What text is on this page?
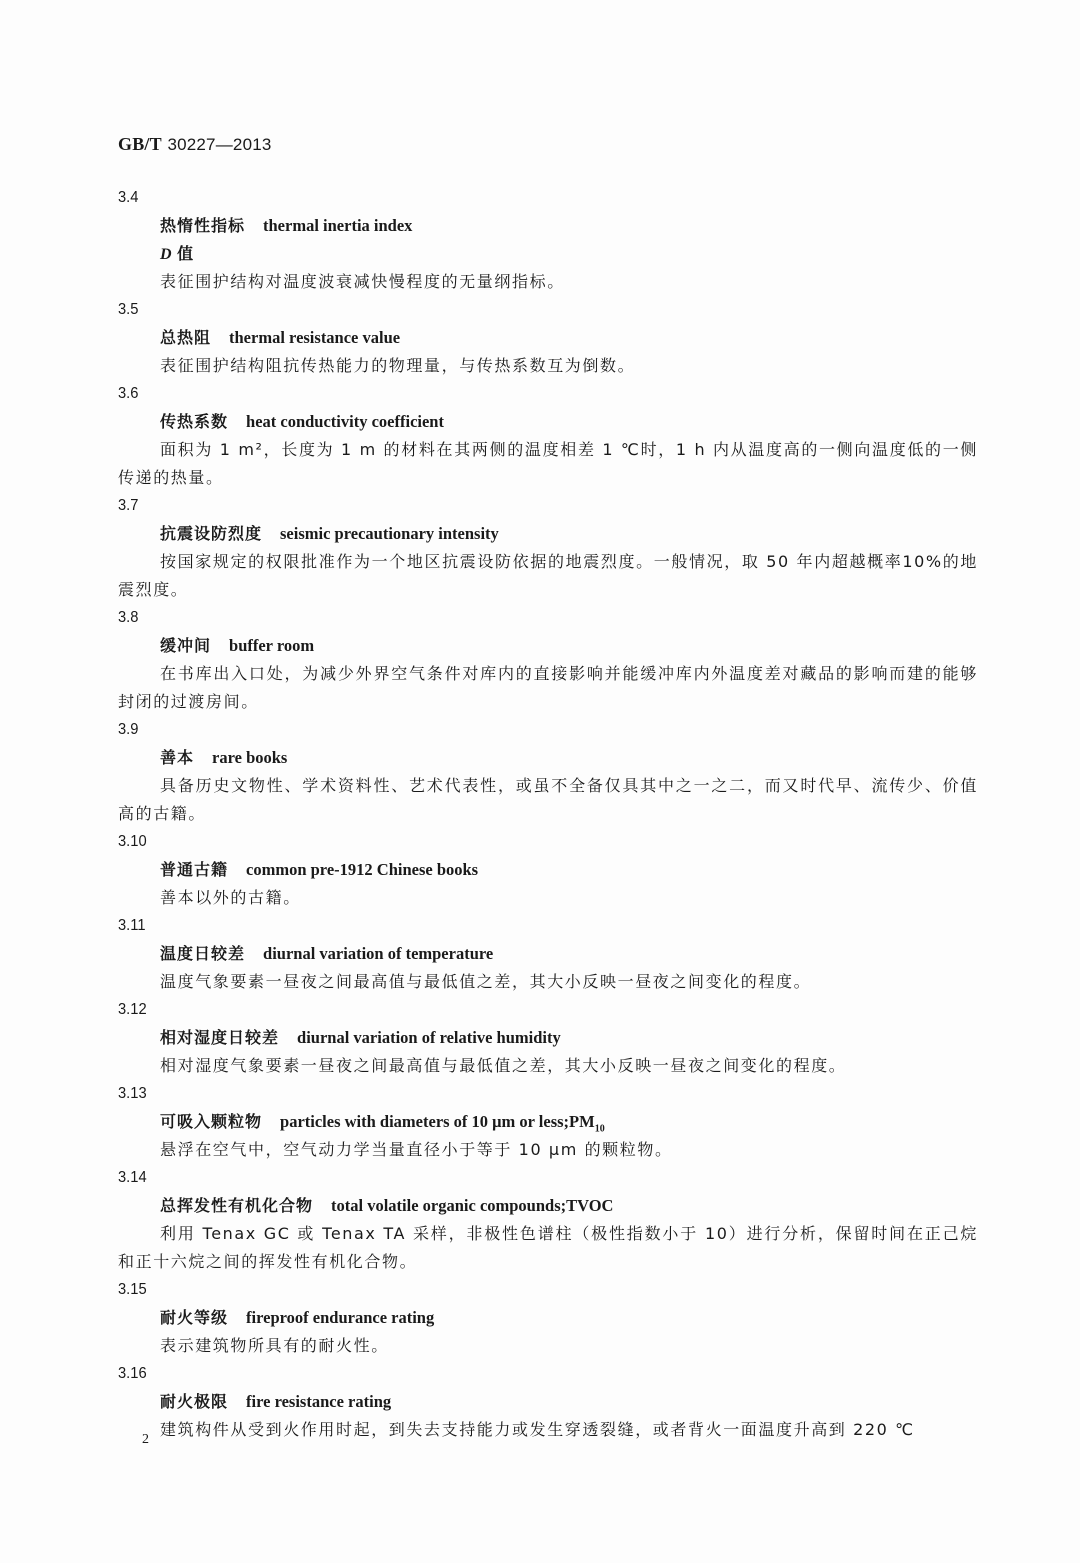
GB/T 30227—2013
3.4
热惰性指标 thermal inertia index
D 值
表征围护结构对温度波衰减快慢程度的无量纲指标。
3.5
总热阻 thermal resistance value
表征围护结构阻抗传热能力的物理量，与传热系数互为倒数。
3.6
传热系数 heat conductivity coefficient
面积为 1 m²，长度为 1 m 的材料在其两侧的温度相差 1 ℃时，1 h 内从温度高的一侧向温度低的一侧传递的热量。
3.7
抗震设防烈度 seismic precautionary intensity
按国家规定的权限批准作为一个地区抗震设防依据的地震烈度。一般情况，取 50 年内超越概率10%的地震烈度。
3.8
缓冲间 buffer room
在书库出入口处，为减少外界空气条件对库内的直接影响并能缓冲库内外温度差对藏品的影响而建的能够封闭的过渡房间。
3.9
善本 rare books
具备历史文物性、学术资料性、艺术代表性，或虽不全备仅具其中之一之二，而又时代早、流传少、价值高的古籍。
3.10
普通古籍 common pre-1912 Chinese books
善本以外的古籍。
3.11
温度日较差 diurnal variation of temperature
温度气象要素一昼夜之间最高值与最低值之差，其大小反映一昼夜之间变化的程度。
3.12
相对湿度日较差 diurnal variation of relative humidity
相对湿度气象要素一昼夜之间最高值与最低值之差，其大小反映一昼夜之间变化的程度。
3.13
可吸入颗粒物 particles with diameters of 10 μm or $less;PM_{10}$
悬浮在空气中，空气动力学当量直径小于等于 10 μm 的颗粒物。
3.14
总挥发性有机化合物 total volatile organic compounds;TVOC
利用 Tenax GC 或 Tenax TA 采样，非极性色谱柱（极性指数小于 10）进行分析，保留时间在正己烷和正十六烷之间的挥发性有机化合物。
3.15
耐火等级 fireproof endurance rating
表示建筑物所具有的耐火性。
3.16
耐火极限 fire resistance rating
建筑构件从受到火作用时起，到失去支持能力或发生穿透裂缝，或者背火一面温度升高到 220 ℃
2
